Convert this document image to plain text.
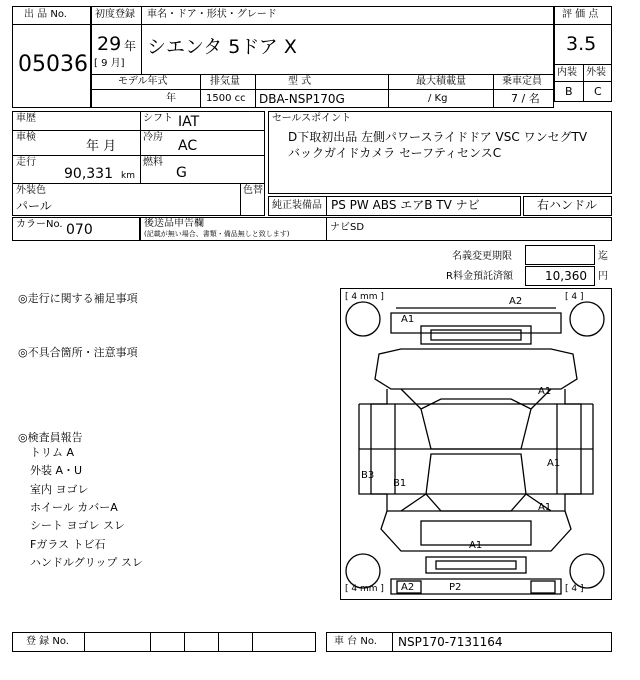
出 品 No.
05036
初度登録 車名・ドア・形状・グレード
29 年
[ 9 月]
シエンタ 5ドア X
モデル年式	排気量	型 式	最大積載量	乗車定員
年	1500 cc DBA-NSP170G	/ Kg	7 / 名
評 価 点
3.5
内装 外装
B C
車歴	シフト IAT
車検
年 月
冷房
AC
走行
90,331 km
燃料
G
外装色
パール
色替
セールスポイント
D下取初出品 左側パワースライドドア VSC ワンセグTV
バックガイドカメラ セーフティセンスC
純正装備品 PS PW ABS エアB TV ナビ	右ハンドル
カラーNo. 070	後送品申告欄
(記載が無い場合、書類・備品無しと致します)
ナビSD
名義変更期限	迄
R料金預託済額	10,360 円
◎走行に関する補足事項
◎不具合箇所・注意事項
◎検査員報告
トリム A
外装 A・U
室内 ヨゴレ
ホイール カバーA
シート ヨゴレ スレ
Fガラス トビ石
ハンドルグリップ スレ
[ 4 mm ]	[ 4 ]
[ 4 mm ]	[ 4 ]
A2
A1
A1
A1
A1
B3
B1
A1
A2	P2
登 録 No.	車 台 No. NSP170-7131164
